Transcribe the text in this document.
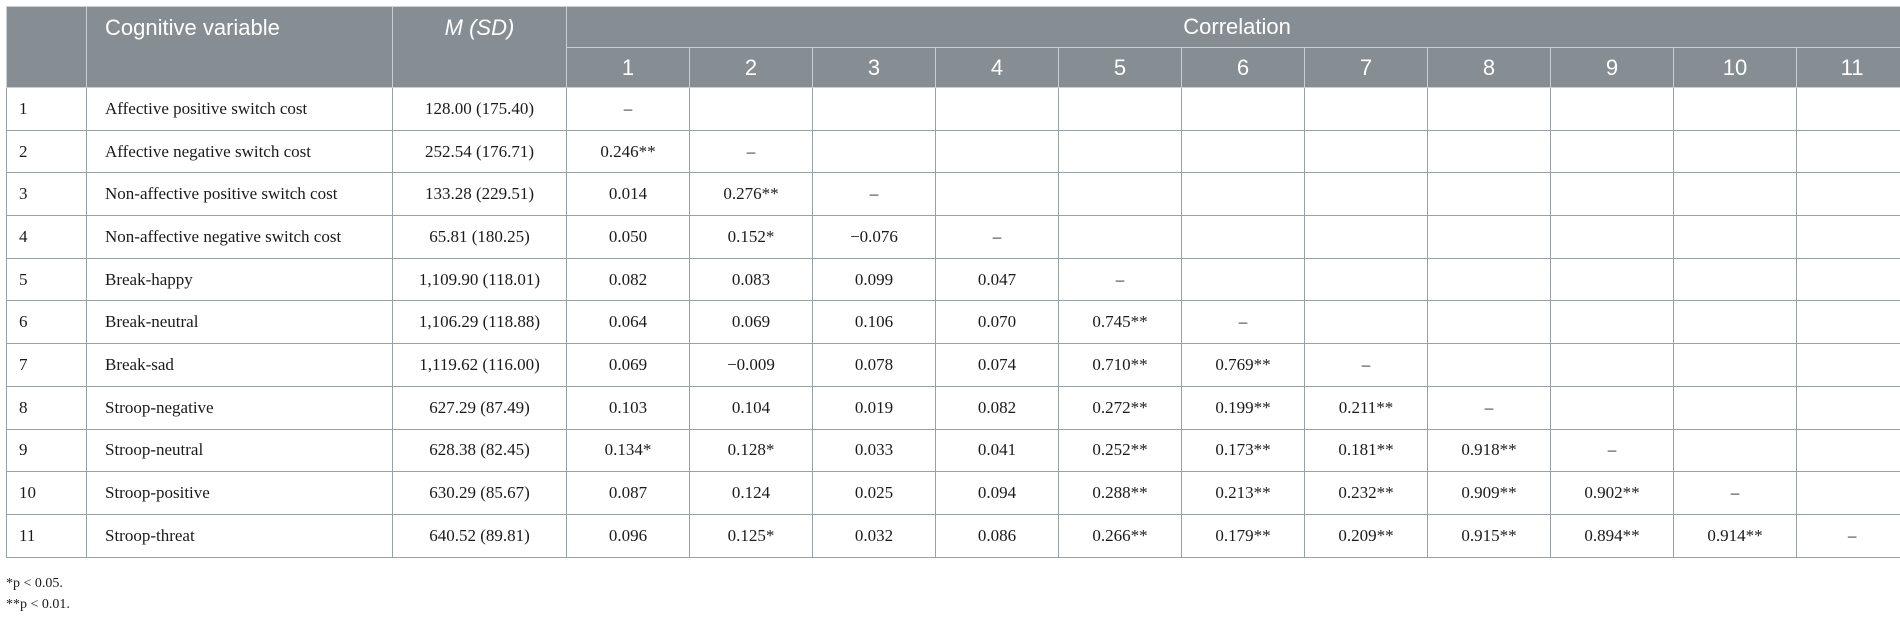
	Cognitive variable	M (SD)	Correlation										
			1	2	3	4	5	6	7	8	9	10	11
1	Affective positive switch cost	128.00 (175.40)	–										
2	Affective negative switch cost	252.54 (176.71)	0.246**	–									
3	Non-affective positive switch cost	133.28 (229.51)	0.014	0.276**	–								
4	Non-affective negative switch cost	65.81 (180.25)	0.050	0.152*	−0.076	–							
5	Break-happy	1,109.90 (118.01)	0.082	0.083	0.099	0.047	–						
6	Break-neutral	1,106.29 (118.88)	0.064	0.069	0.106	0.070	0.745**	–					
7	Break-sad	1,119.62 (116.00)	0.069	−0.009	0.078	0.074	0.710**	0.769**	–				
8	Stroop-negative	627.29 (87.49)	0.103	0.104	0.019	0.082	0.272**	0.199**	0.211**	–			
9	Stroop-neutral	628.38 (82.45)	0.134*	0.128*	0.033	0.041	0.252**	0.173**	0.181**	0.918**	–		
10	Stroop-positive	630.29 (85.67)	0.087	0.124	0.025	0.094	0.288**	0.213**	0.232**	0.909**	0.902**	–	
11	Stroop-threat	640.52 (89.81)	0.096	0.125*	0.032	0.086	0.266**	0.179**	0.209**	0.915**	0.894**	0.914**	–
*p < 0.05.
**p < 0.01.
